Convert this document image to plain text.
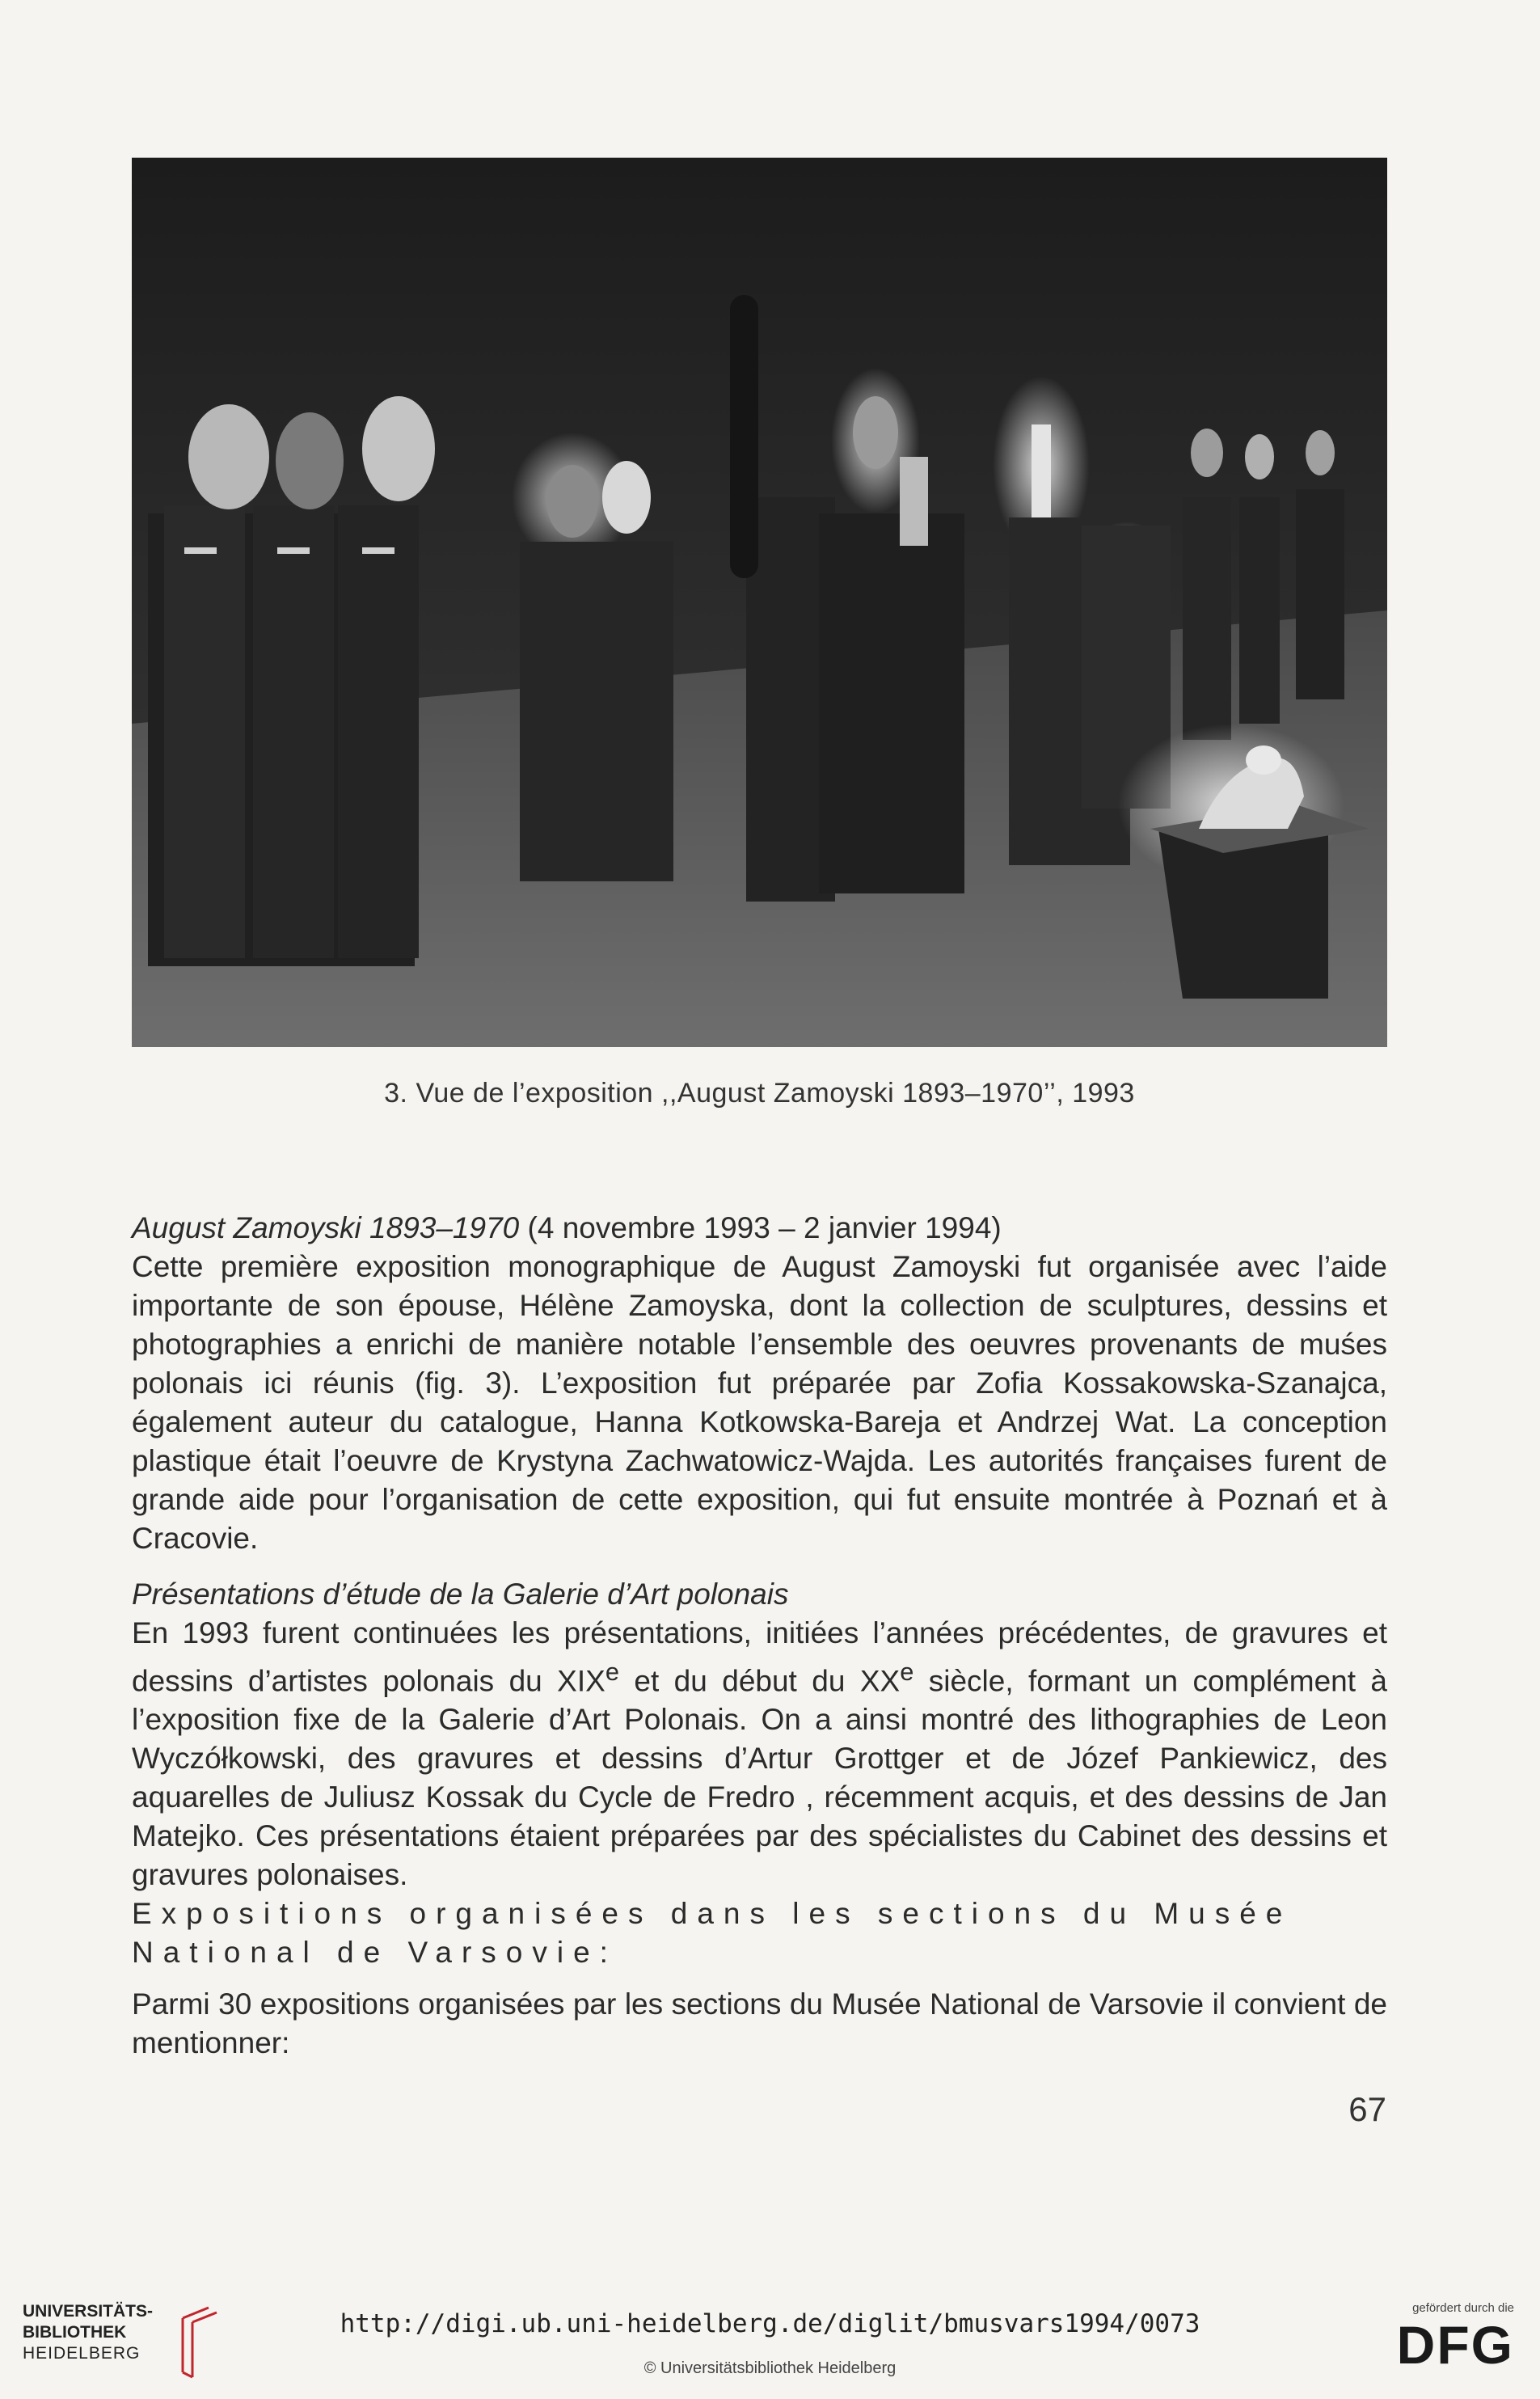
3. Vue de l’exposition ,,August Zamoyski 1893–1970’’, 1993
August Zamoyski 1893–1970 (4 novembre 1993 – 2 janvier 1994)
Cette première exposition monographique de August Zamoyski fut organisée avec l’aide importante de son épouse, Hélène Zamoyska, dont la collection de sculptures, dessins et photographies a enrichi de manière notable l’ensemble des oeuvres provenants de muśes polonais ici réunis (fig. 3). L’exposition fut préparée par Zofia Kossakowska-Szanajca, également auteur du catalogue, Hanna Kotkowska-Bareja et Andrzej Wat. La conception plastique était l’oeuvre de Krystyna Zachwatowicz-Wajda. Les autorités françaises furent de grande aide pour l’organisation de cette exposition, qui fut ensuite montrée à Poznań et à Cracovie.
Présentations d’étude de la Galerie d’Art polonais
En 1993 furent continuées les présentations, initiées l’années précédentes, de gravures et dessins d’artistes polonais du XIXe et du début du XXe siècle, formant un complément à l’exposition fixe de la Galerie d’Art Polonais. On a ainsi montré des lithographies de Leon Wyczółkowski, des gravures et dessins d’Artur Grottger et de Józef Pankiewicz, des aquarelles de Juliusz Kossak du Cycle de Fredro , récemment acquis, et des dessins de Jan Matejko. Ces présentations étaient préparées par des spécialistes du Cabinet des dessins et gravures polonaises.
Expositions organisées dans les sections du Musée National de Varsovie:
Parmi 30 expositions organisées par les sections du Musée National de Varsovie il convient de mentionner:
67
UNIVERSITÄTS-
BIBLIOTHEK
HEIDELBERG
http://digi.ub.uni-heidelberg.de/diglit/bmusvars1994/0073
© Universitätsbibliothek Heidelberg
gefördert durch die
DFG
